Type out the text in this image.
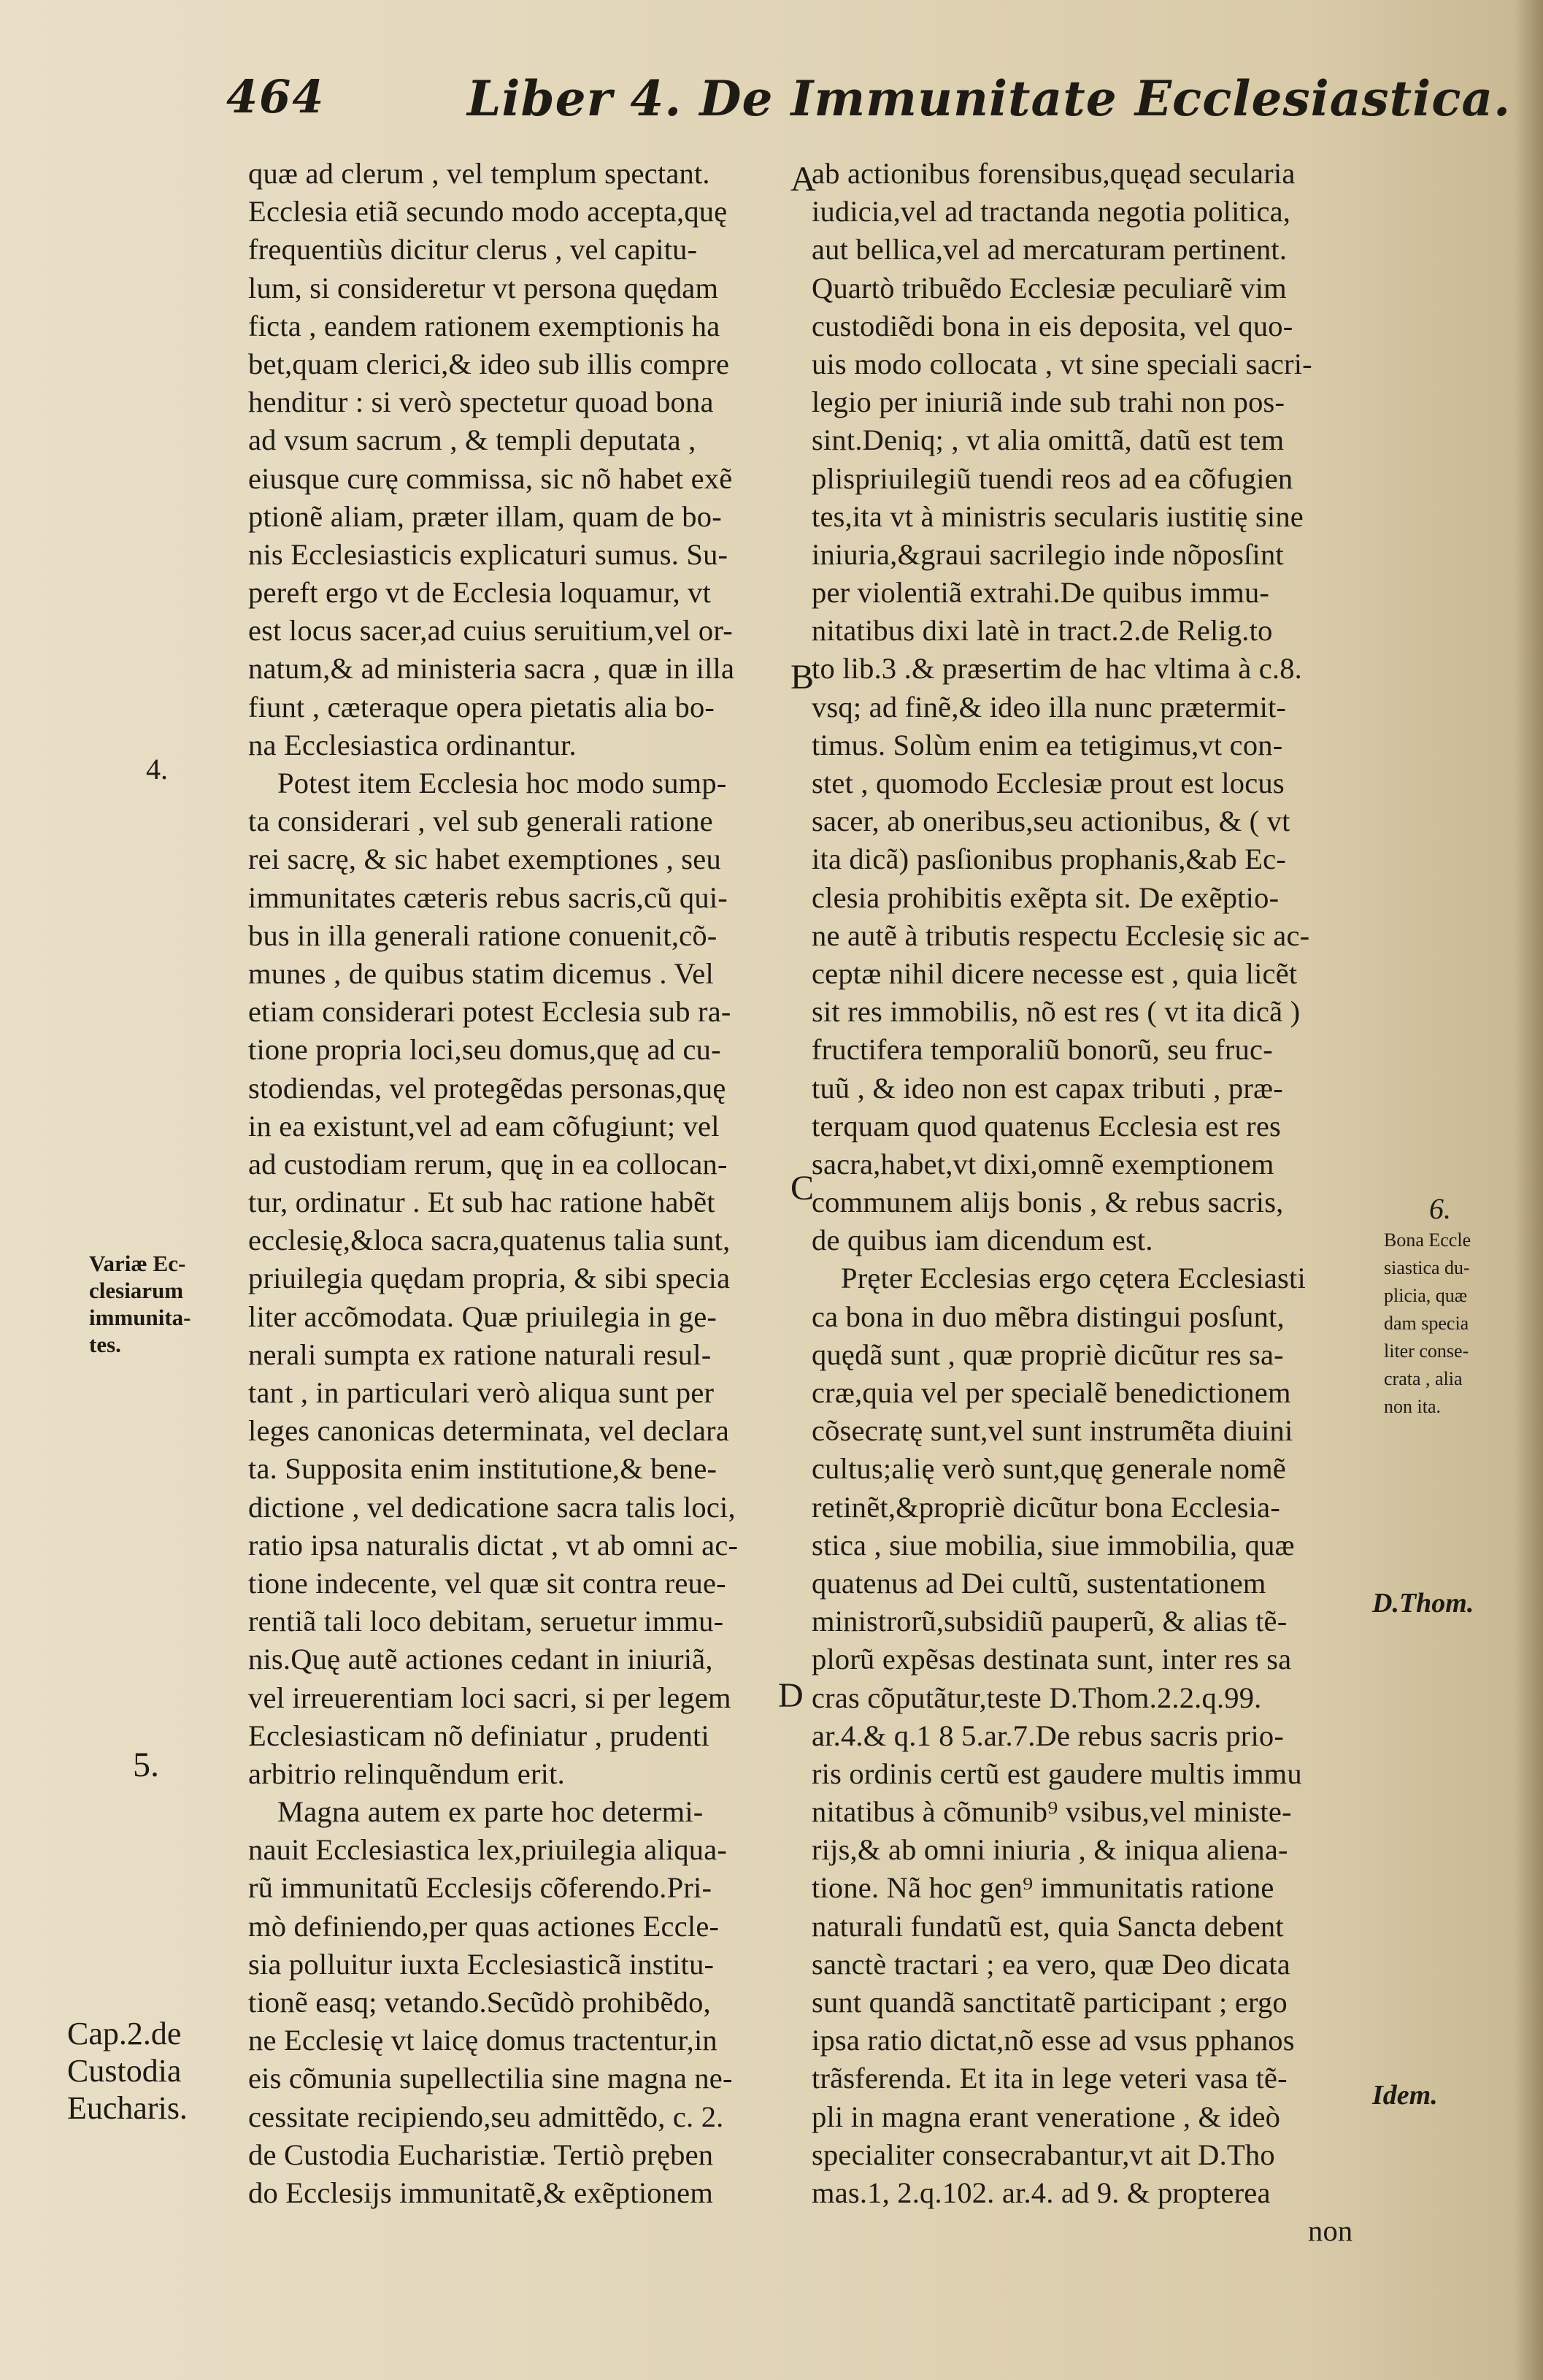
464	Liber 4. De Immunitate Ecclesiastica.
quæ ad clerum , vel templum spectant.
Ecclesia etiã secundo modo accepta,quę
frequentiùs dicitur clerus , vel capitu-
lum, si consideretur vt persona quędam
ficta , eandem rationem exemptionis ha
bet,quam clerici,& ideo sub illis compre
henditur : si verò spectetur quoad bona
ad vsum sacrum , & templi deputata ,
eiusque curę commissa, sic nõ habet exẽ
ptionẽ aliam, præter illam, quam de bo-
nis Ecclesiasticis explicaturi sumus. Su-
pereft ergo vt de Ecclesia loquamur, vt
est locus sacer,ad cuius seruitium,vel or-
natum,& ad ministeria sacra , quæ in illa
fiunt , cæteraque opera pietatis alia bo-
na Ecclesiastica ordinantur.
Potest item Ecclesia hoc modo sump-
ta considerari , vel sub generali ratione
rei sacrę, & sic habet exemptiones , seu
immunitates cæteris rebus sacris,cũ qui-
bus in illa generali ratione conuenit,cõ-
munes , de quibus statim dicemus . Vel
etiam considerari potest Ecclesia sub ra-
tione propria loci,seu domus,quę ad cu-
stodiendas, vel protegẽdas personas,quę
in ea existunt,vel ad eam cõfugiunt; vel
ad custodiam rerum, quę in ea collocan-
tur, ordinatur . Et sub hac ratione habẽt
ecclesię,&loca sacra,quatenus talia sunt,
priuilegia quędam propria, & sibi specia
liter accõmodata. Quæ priuilegia in ge-
nerali sumpta ex ratione naturali resul-
tant , in particulari verò aliqua sunt per
leges canonicas determinata, vel declara
ta. Supposita enim institutione,& bene-
dictione , vel dedicatione sacra talis loci,
ratio ipsa naturalis dictat , vt ab omni ac-
tione indecente, vel quæ sit contra reue-
rentiã tali loco debitam, seruetur immu-
nis.Quę autẽ actiones cedant in iniuriã,
vel irreuerentiam loci sacri, si per legem
Ecclesiasticam nõ definiatur , prudenti
arbitrio relinquẽndum erit.
Magna autem ex parte hoc determi-
nauit Ecclesiastica lex,priuilegia aliqua-
rũ immunitatũ Ecclesijs cõferendo.Pri-
mò definiendo,per quas actiones Eccle-
sia polluitur iuxta Ecclesiasticã institu-
tionẽ easq; vetando.Secũdò prohibẽdo,
ne Ecclesię vt laicę domus tractentur,in
eis cõmunia supellectilia sine magna ne-
cessitate recipiendo,seu admittẽdo, c. 2.
de Custodia Eucharistiæ. Tertiò pręben
do Ecclesijs immunitatẽ,& exẽptionem
ab actionibus forensibus,quęad secularia
iudicia,vel ad tractanda negotia politica,
aut bellica,vel ad mercaturam pertinent.
Quartò tribuẽdo Ecclesiæ peculiarẽ vim
custodiẽdi bona in eis deposita, vel quo-
uis modo collocata , vt sine speciali sacri-
legio per iniuriã inde sub trahi non pos-
sint.Deniq; , vt alia omittã, datũ est tem
plispriuilegiũ tuendi reos ad ea cõfugien
tes,ita vt à ministris secularis iustitię sine
iniuria,&graui sacrilegio inde nõposſint
per violentiã extrahi.De quibus immu-
nitatibus dixi latè in tract.2.de Relig.to
to lib.3 .& præsertim de hac vltima à c.8.
vsq; ad finẽ,& ideo illa nunc prætermit-
timus. Solùm enim ea tetigimus,vt con-
stet , quomodo Ecclesiæ prout est locus
sacer, ab oneribus,seu actionibus, & ( vt
ita dicã) pasſionibus prophanis,&ab Ec-
clesia prohibitis exẽpta sit. De exẽptio-
ne autẽ à tributis respectu Ecclesię sic ac-
ceptæ nihil dicere necesse est , quia licẽt
sit res immobilis, nõ est res ( vt ita dicã )
fructifera temporaliũ bonorũ, seu fruc-
tuũ , & ideo non est capax tributi , præ-
terquam quod quatenus Ecclesia est res
sacra,habet,vt dixi,omnẽ exemptionem
communem alijs bonis , & rebus sacris,
de quibus iam dicendum est.
Pręter Ecclesias ergo cętera Ecclesiasti
ca bona in duo mẽbra distingui posſunt,
quędã sunt , quæ propriè dicũtur res sa-
cræ,quia vel per specialẽ benedictionem
cõsecratę sunt,vel sunt instrumẽta diuini
cultus;alię verò sunt,quę generale nomẽ
retinẽt,&propriè dicũtur bona Ecclesia-
stica , siue mobilia, siue immobilia, quæ
quatenus ad Dei cultũ, sustentationem
ministrorũ,subsidiũ pauperũ, & alias tẽ-
plorũ expẽsas destinata sunt, inter res sa
cras cõputãtur,teste D.Thom.2.2.q.99.
ar.4.& q.1 8 5.ar.7.De rebus sacris prio-
ris ordinis certũ est gaudere multis immu
nitatibus à cõmunib⁹ vsibus,vel ministe-
rijs,& ab omni iniuria , & iniqua aliena-
tione. Nã hoc gen⁹ immunitatis ratione
naturali fundatũ est, quia Sancta debent
sanctè tractari ; ea vero, quæ Deo dicata
sunt quandã sanctitatẽ participant ; ergo
ipsa ratio dictat,nõ esse ad vsus pphanos
trãsferenda. Et ita in lege veteri vasa tẽ-
pli in magna erant veneratione , & ideò
specialiter consecrabantur,vt ait D.Tho
mas.1, 2.q.102. ar.4. ad 9. & propterea
non
A
B
C
D
4.
Variæ Ec-
clesiarum
immunita-
tes.
5.
Cap.2.de
Custodia
Eucharis.
6.
Bona Eccle
siastica du-
plicia, quæ
dam specia
liter conse-
crata , alia
non ita.
D.Thom.
Idem.
